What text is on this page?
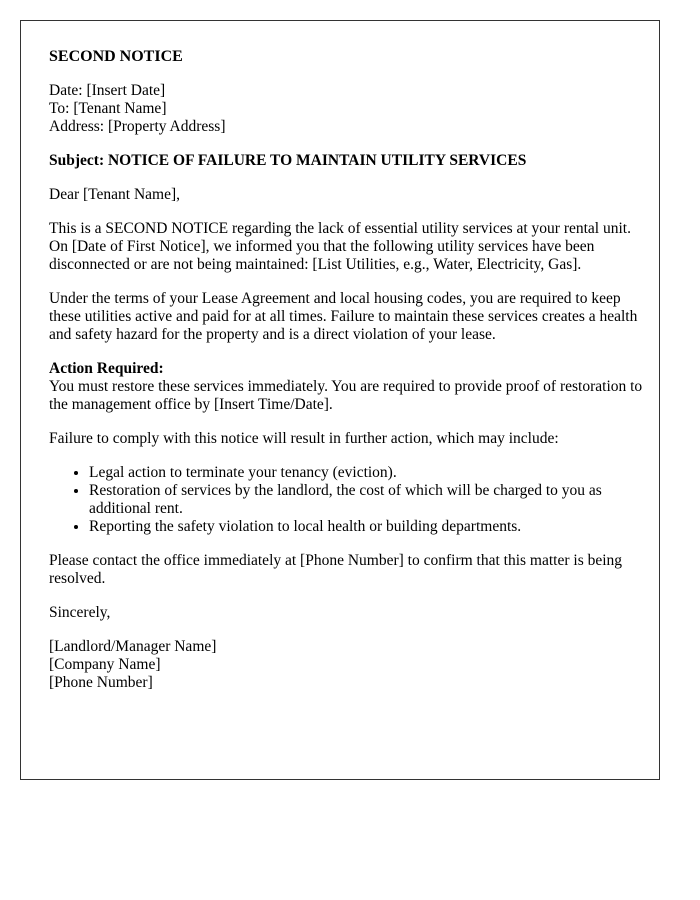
SECOND NOTICE
Date: [Insert Date]
To: [Tenant Name]
Address: [Property Address]
Subject: NOTICE OF FAILURE TO MAINTAIN UTILITY SERVICES
Dear [Tenant Name],
This is a SECOND NOTICE regarding the lack of essential utility services at your rental unit. On [Date of First Notice], we informed you that the following utility services have been disconnected or are not being maintained: [List Utilities, e.g., Water, Electricity, Gas].
Under the terms of your Lease Agreement and local housing codes, you are required to keep these utilities active and paid for at all times. Failure to maintain these services creates a health and safety hazard for the property and is a direct violation of your lease.
Action Required:
You must restore these services immediately. You are required to provide proof of restoration to the management office by [Insert Time/Date].
Failure to comply with this notice will result in further action, which may include:
• Legal action to terminate your tenancy (eviction).
• Restoration of services by the landlord, the cost of which will be charged to you as additional rent.
• Reporting the safety violation to local health or building departments.
Please contact the office immediately at [Phone Number] to confirm that this matter is being resolved.
Sincerely,
[Landlord/Manager Name]
[Company Name]
[Phone Number]
